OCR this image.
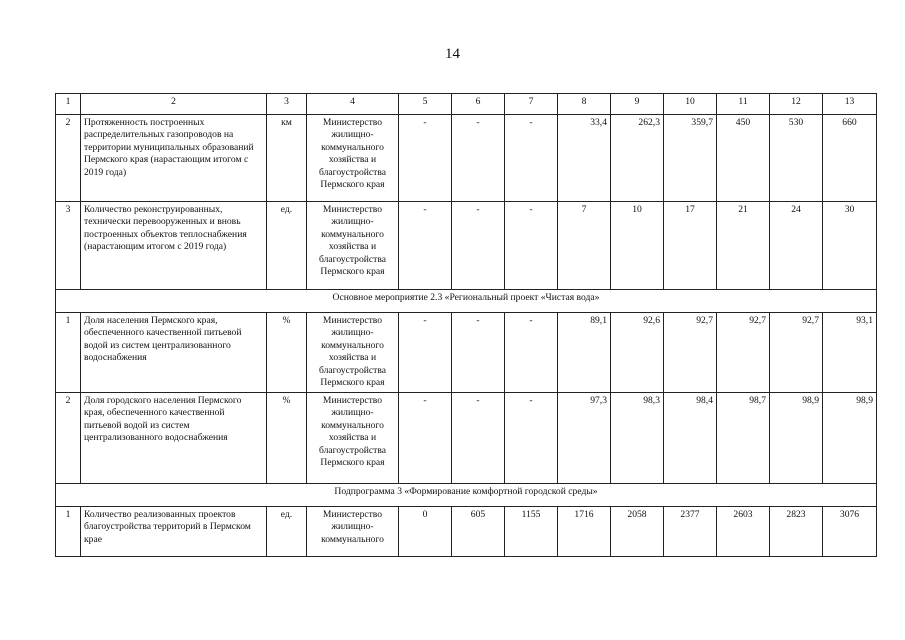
14
1	2	3	4	5	6	7	8	9	10	11	12	13
2	Протяженность построенных распределительных газопроводов на территории муниципальных образований Пермского края (нарастающим итогом с 2019 года)	км	Министерство жилищно-коммунального хозяйства и благоустройства Пермского края	-	-	-	33,4	262,3	359,7	450	530	660
3	Количество реконструированных, технически перевооруженных и вновь построенных объектов теплоснабжения (нарастающим итогом с 2019 года)	ед.	Министерство жилищно-коммунального хозяйства и благоустройства Пермского края	-	-	-	7	10	17	21	24	30
Основное мероприятие 2.3 «Региональный проект «Чистая вода»												
1	Доля населения Пермского края, обеспеченного качественной питьевой водой из систем централизованного водоснабжения	%	Министерство жилищно-коммунального хозяйства и благоустройства Пермского края	-	-	-	89,1	92,6	92,7	92,7	92,7	93,1
2	Доля городского населения Пермского края, обеспеченного качественной питьевой водой из систем централизованного водоснабжения	%	Министерство жилищно-коммунального хозяйства и благоустройства Пермского края	-	-	-	97,3	98,3	98,4	98,7	98,9	98,9
Подпрограмма 3 «Формирование комфортной городской среды»												
1	Количество реализованных проектов благоустройства территорий в Пермском крае	ед.	Министерство жилищно-коммунального	0	605	1155	1716	2058	2377	2603	2823	3076
